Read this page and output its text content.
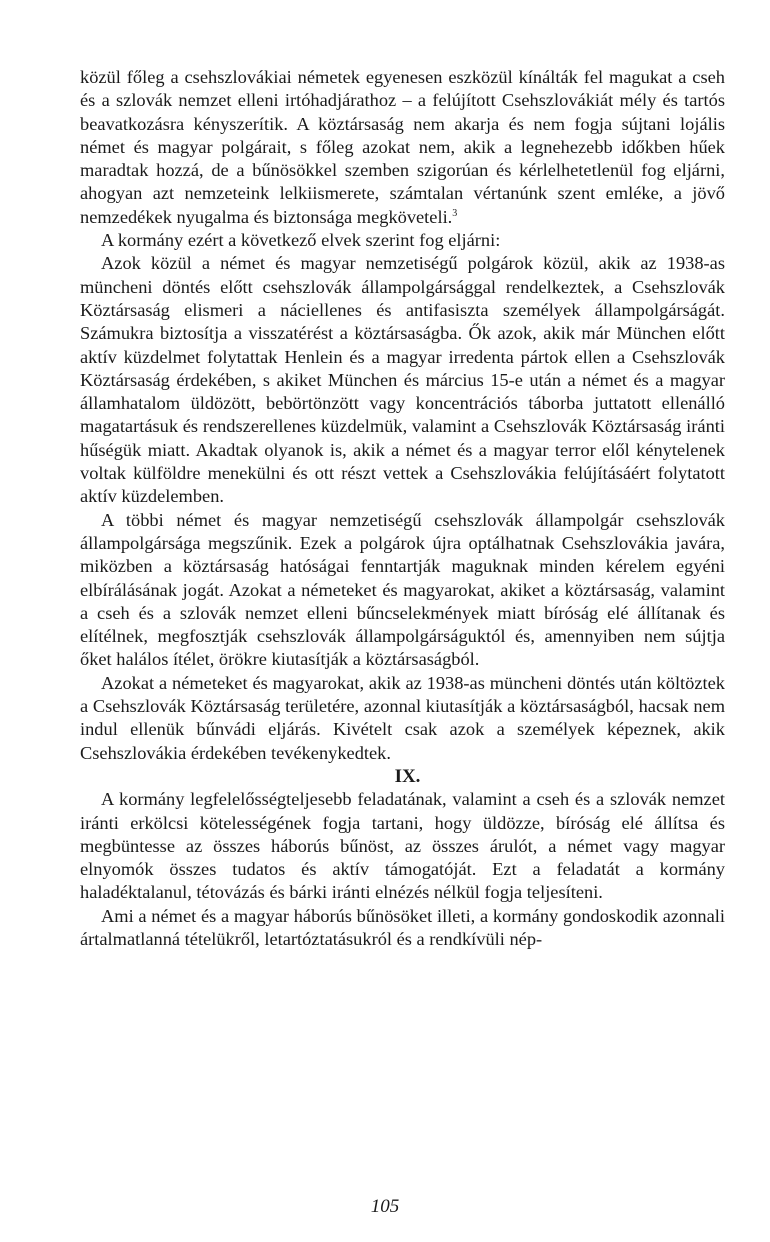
közül főleg a csehszlovákiai németek egyenesen eszközül kínálták fel magukat a cseh és a szlovák nemzet elleni irtóhadjárathoz – a felújított Csehszlovákiát mély és tartós beavatkozásra kényszerítik. A köztársaság nem akarja és nem fogja sújtani lojális német és magyar polgárait, s főleg azokat nem, akik a legnehezebb időkben hűek maradtak hozzá, de a bűnösökkel szemben szigorúan és kérlelhetetlenül fog eljárni, ahogyan azt nemzeteink lelkiismerete, számtalan vértanúnk szent emléke, a jövő nemzedékek nyugalma és biztonsága megköveteli.$^3$

A kormány ezért a következő elvek szerint fog eljárni:

Azok közül a német és magyar nemzetiségű polgárok közül, akik az 1938-as müncheni döntés előtt csehszlovák állampolgársággal rendelkeztek, a Csehszlovák Köztársaság elismeri a náciellenes és antifasiszta személyek állampolgárságát. Számukra biztosítja a visszatérést a köztársaságba. Ők azok, akik már München előtt aktív küzdelmet folytattak Henlein és a magyar irredenta pártok ellen a Csehszlovák Köztársaság érdekében, s akiket München és március 15-e után a német és a magyar államhatalom üldözött, bebörtönzött vagy koncentrációs táborba juttatott ellenálló magatartásuk és rendszerellenes küzdelmük, valamint a Csehszlovák Köztársaság iránti hűségük miatt. Akadtak olyanok is, akik a német és a magyar terror elől kénytelenek voltak külföldre menekülni és ott részt vettek a Csehszlovákia felújításáért folytatott aktív küzdelemben.

A többi német és magyar nemzetiségű csehszlovák állampolgár csehszlovák állampolgársága megszűnik. Ezek a polgárok újra optálhatnak Csehszlovákia javára, miközben a köztársaság hatóságai fenntartják maguknak minden kérelem egyéni elbírálásának jogát. Azokat a németeket és magyarokat, akiket a köztársaság, valamint a cseh és a szlovák nemzet elleni bűncselekmények miatt bíróság elé állítanak és elítélnek, megfosztják csehszlovák állampolgárságuktól és, amennyiben nem sújtja őket halálos ítélet, örökre kiutasítják a köztársaságból.

Azokat a németeket és magyarokat, akik az 1938-as müncheni döntés után költöztek a Csehszlovák Köztársaság területére, azonnal kiutasítják a köztársaságból, hacsak nem indul ellenük bűnvádi eljárás. Kivételt csak azok a személyek képeznek, akik Csehszlovákia érdekében tevékenykedtek.

IX.

A kormány legfelelősségteljesebb feladatának, valamint a cseh és a szlovák nemzet iránti erkölcsi kötelességének fogja tartani, hogy üldözze, bíróság elé állítsa és megbüntesse az összes háborús bűnöst, az összes árulót, a német vagy magyar elnyomók összes tudatos és aktív támogatóját. Ezt a feladatát a kormány haladéktalanul, tétovázás és bárki iránti elnézés nélkül fogja teljesíteni.

Ami a német és a magyar háborús bűnösöket illeti, a kormány gondoskodik azonnali ártalmatlanná tételükről, letartóztatásukról és a rendkívüli nép-

105
